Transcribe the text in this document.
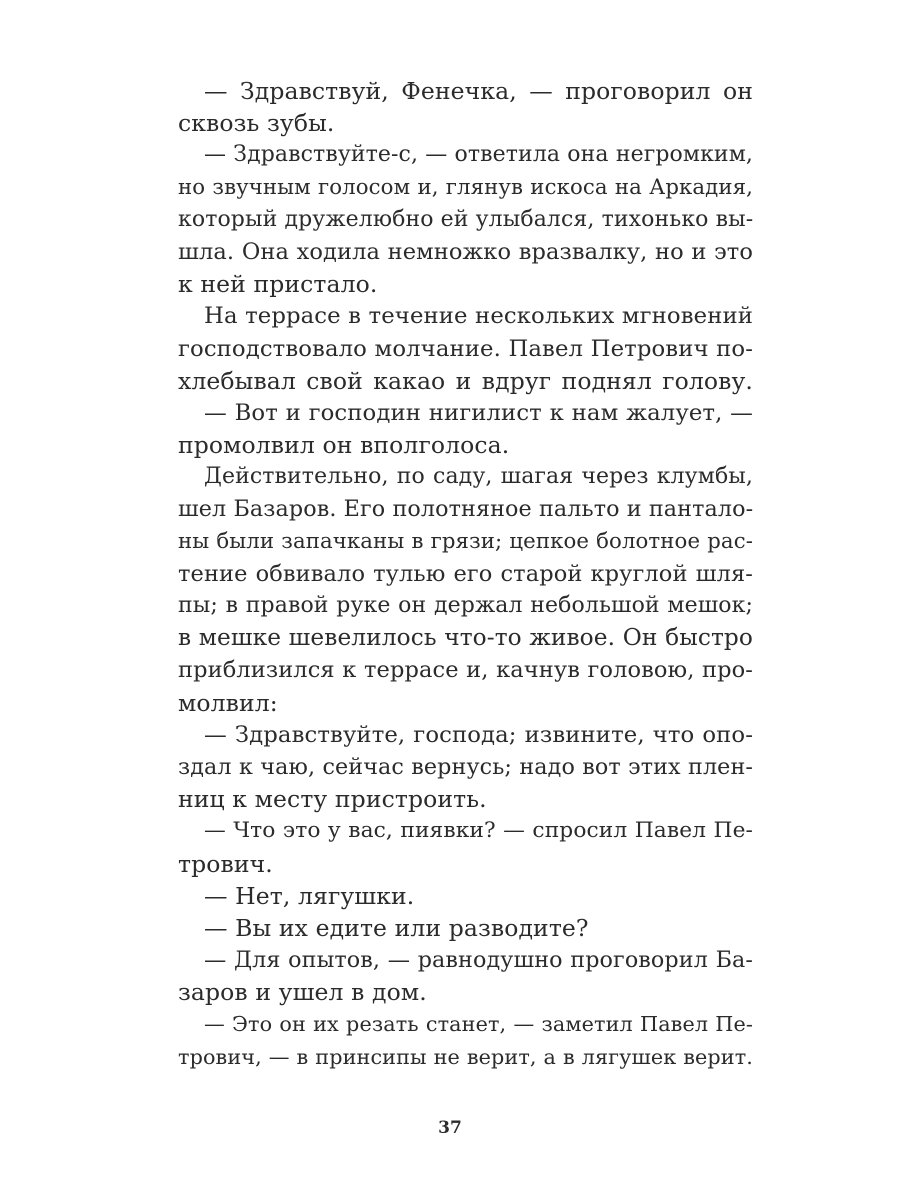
— Здравствуй, Фенечка, — проговорил он
сквозь зубы.
— Здравствуйте-с, — ответила она негромким,
но звучным голосом и, глянув искоса на Аркадия,
который дружелюбно ей улыбался, тихонько вы-
шла. Она ходила немножко вразвалку, но и это
к ней пристало.
На террасе в течение нескольких мгновений
господствовало молчание. Павел Петрович по-
хлебывал свой какао и вдруг поднял голову.
— Вот и господин нигилист к нам жалует, —
промолвил он вполголоса.
Действительно, по саду, шагая через клумбы,
шел Базаров. Его полотняное пальто и пантало-
ны были запачканы в грязи; цепкое болотное рас-
тение обвивало тулью его старой круглой шля-
пы; в правой руке он держал небольшой мешок;
в мешке шевелилось что-то живое. Он быстро
приблизился к террасе и, качнув головою, про-
молвил:
— Здравствуйте, господа; извините, что опо-
здал к чаю, сейчас вернусь; надо вот этих плен-
ниц к месту пристроить.
— Что это у вас, пиявки? — спросил Павел Пе-
трович.
— Нет, лягушки.
— Вы их едите или разводите?
— Для опытов, — равнодушно проговорил Ба-
заров и ушел в дом.
— Это он их резать станет, — заметил Павел Пе-
трович, — в принсипы не верит, а в лягушек верит.
37
